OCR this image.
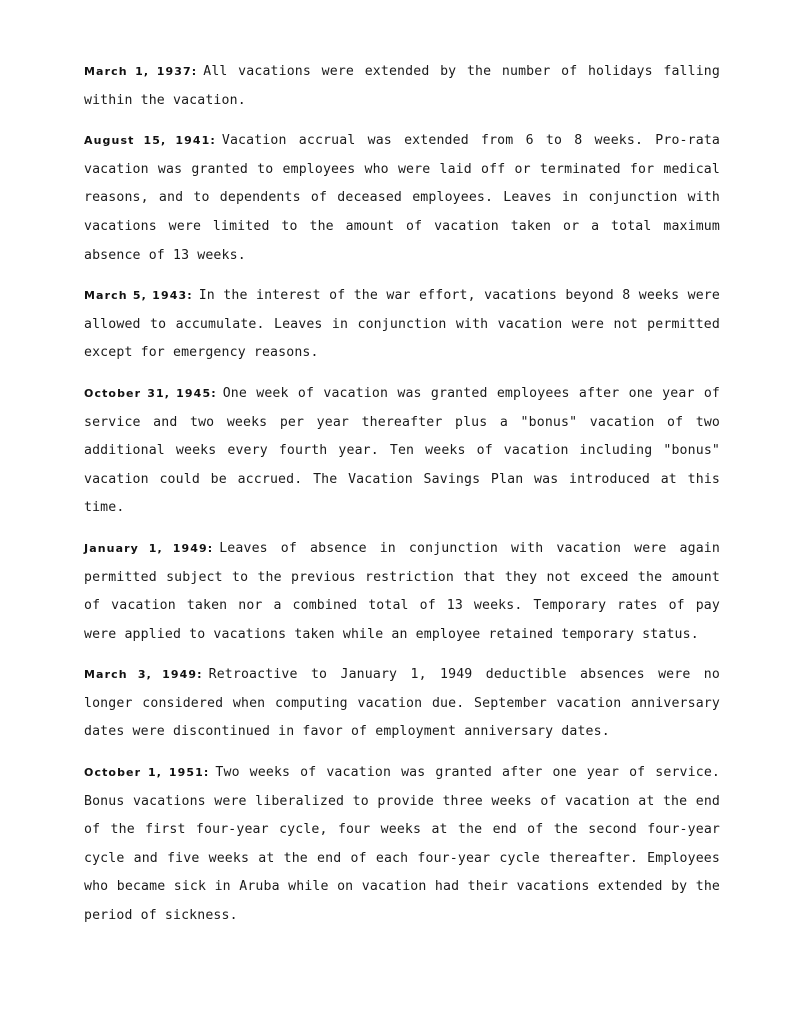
March 1, 1937: All vacations were extended by the number of holidays falling within the vacation.

August 15, 1941: Vacation accrual was extended from 6 to 8 weeks. Pro-rata vacation was granted to employees who were laid off or terminated for medical reasons, and to dependents of deceased employees. Leaves in conjunction with vacations were limited to the amount of vacation taken or a total maximum absence of 13 weeks.

March 5, 1943: In the interest of the war effort, vacations beyond 8 weeks were allowed to accumulate. Leaves in conjunction with vacation were not permitted except for emergency reasons.

October 31, 1945: One week of vacation was granted employees after one year of service and two weeks per year thereafter plus a "bonus" vacation of two additional weeks every fourth year. Ten weeks of vacation including "bonus" vacation could be accrued. The Vacation Savings Plan was introduced at this time.

January 1, 1949: Leaves of absence in conjunction with vacation were again permitted subject to the previous restriction that they not exceed the amount of vacation taken nor a combined total of 13 weeks. Temporary rates of pay were applied to vacations taken while an employee retained temporary status.

March 3, 1949: Retroactive to January 1, 1949 deductible absences were no longer considered when computing vacation due. September vacation anniversary dates were discontinued in favor of employment anniversary dates.

October 1, 1951: Two weeks of vacation was granted after one year of service. Bonus vacations were liberalized to provide three weeks of vacation at the end of the first four-year cycle, four weeks at the end of the second four-year cycle and five weeks at the end of each four-year cycle thereafter. Employees who became sick in Aruba while on vacation had their vacations extended by the period of sickness.
